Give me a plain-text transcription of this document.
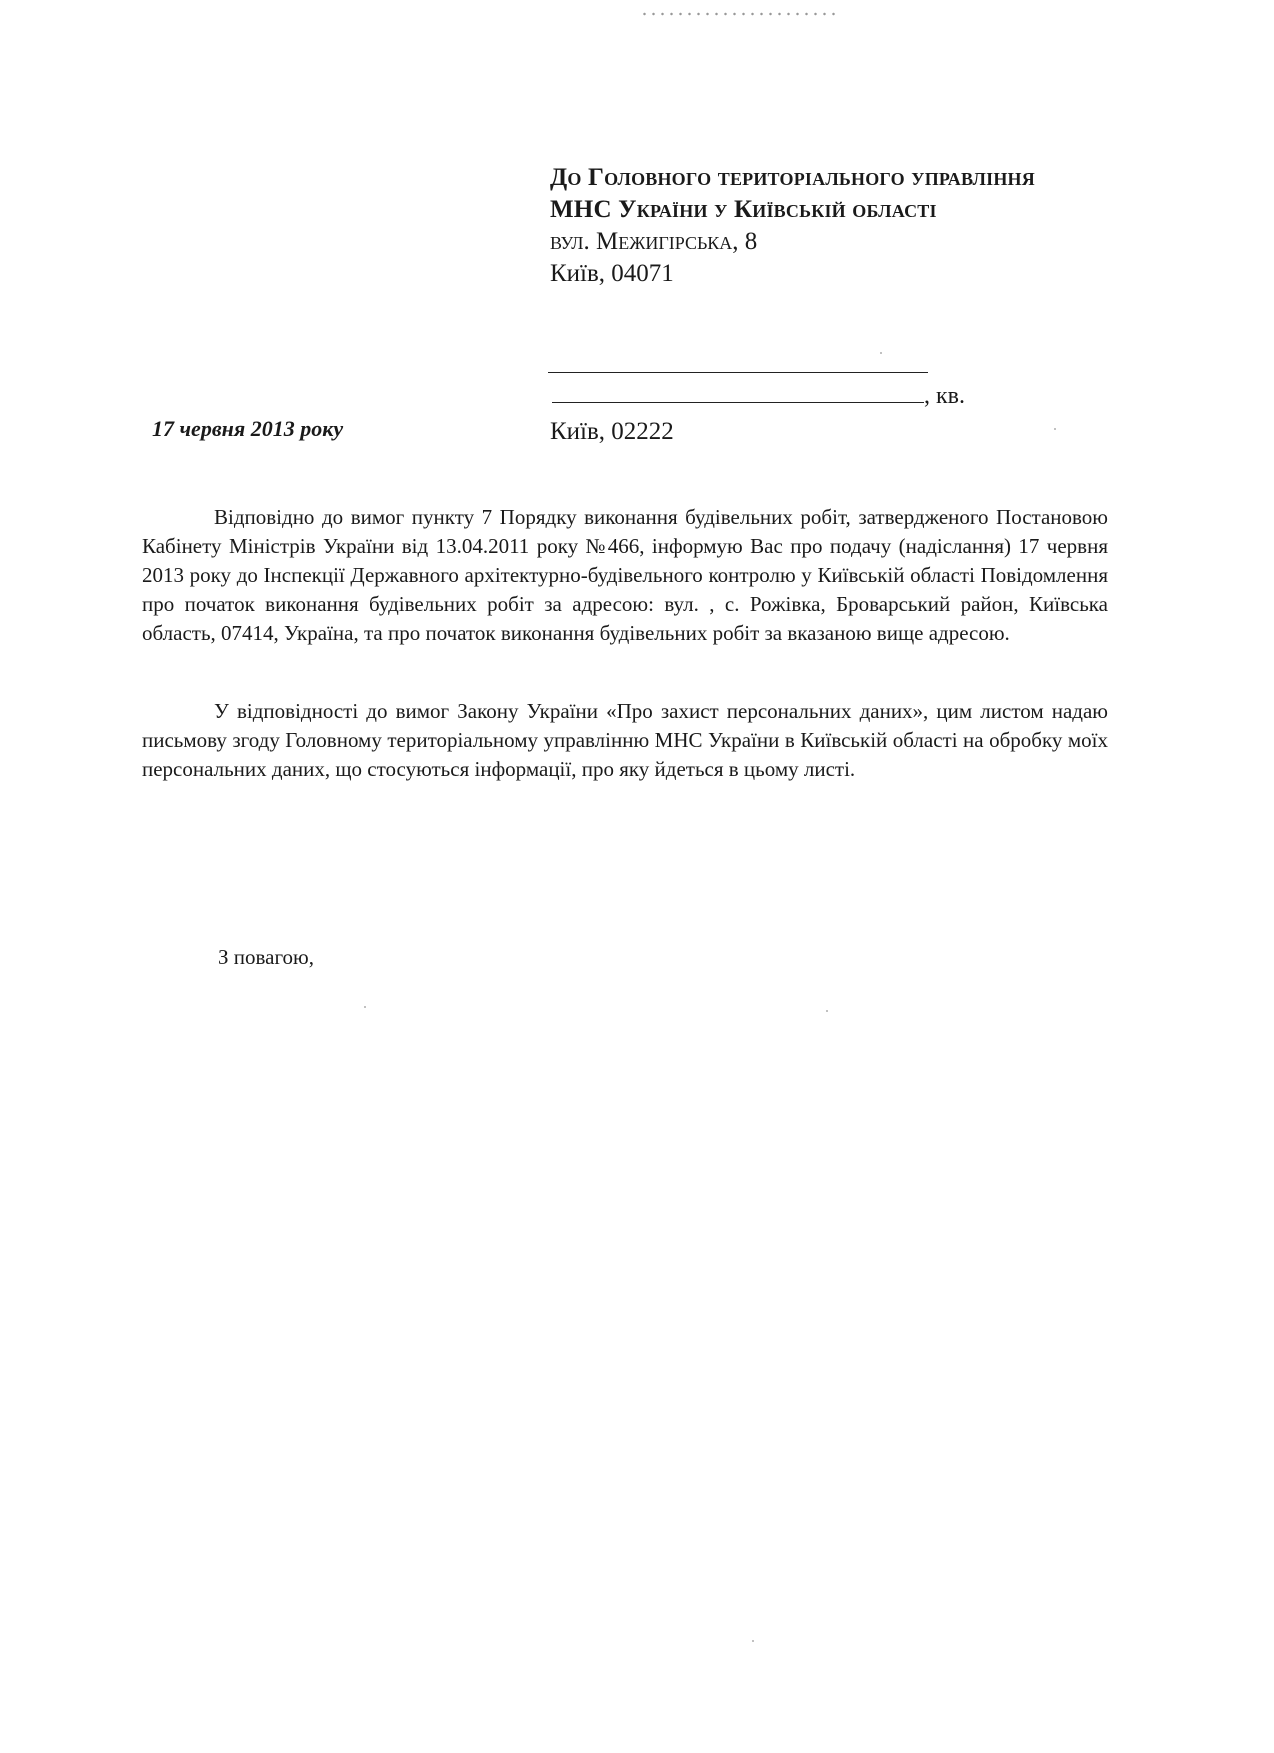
До Головного територіального управління
МНС України у Київській області
вул. Межигірська, 8
Київ, 04071
, кв.
Київ, 02222
17 червня 2013 року

Відповідно до вимог пункту 7 Порядку виконання будівельних робіт, затвердженого Постановою Кабінету Міністрів України від 13.04.2011 року №466, інформую Вас про подачу (надіслання) 17 червня 2013 року до Інспекції Державного архітектурно-будівельного контролю у Київській області Повідомлення про початок виконання будівельних робіт за адресою: вул. , с. Рожівка, Броварський район, Київська область, 07414, Україна, та про початок виконання будівельних робіт за вказаною вище адресою.

У відповідності до вимог Закону України «Про захист персональних даних», цим листом надаю письмову згоду Головному територіальному управлінню МНС України в Київській області на обробку моїх персональних даних, що стосуються інформації, про яку йдеться в цьому листі.

З повагою,
